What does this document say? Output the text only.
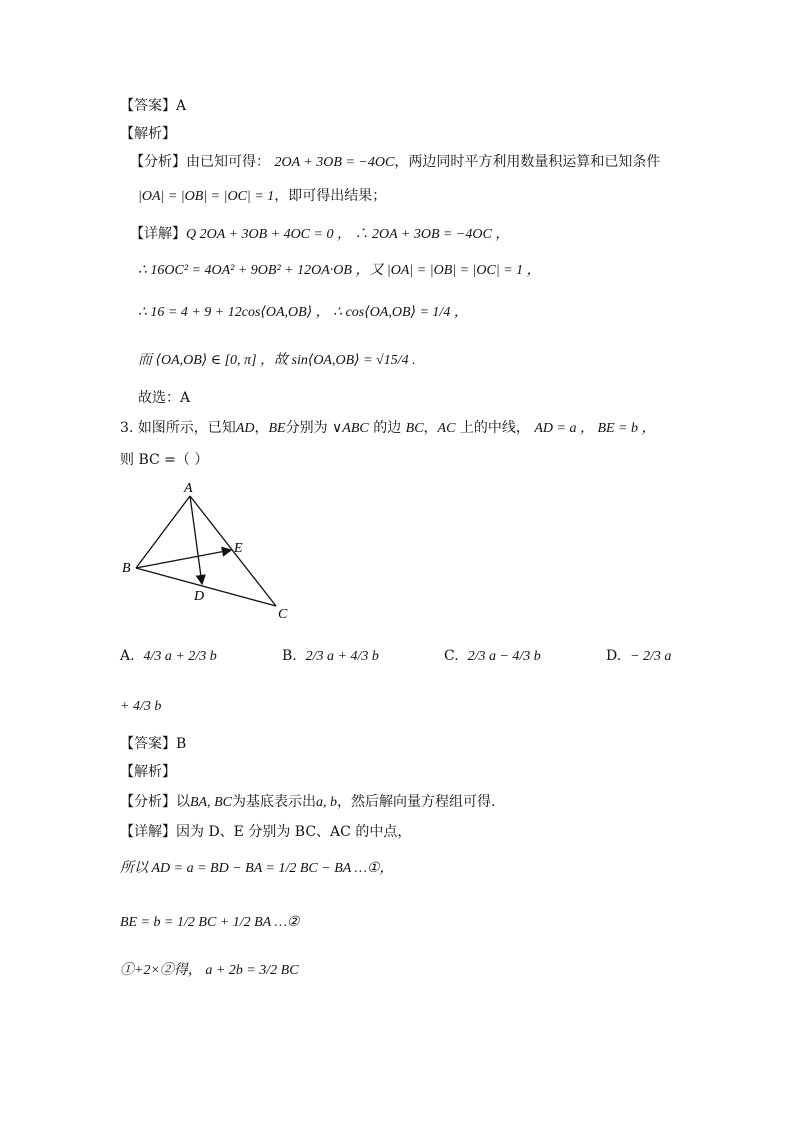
【答案】A
【解析】
【分析】由已知可得： 2OA + 3OB = −4OC，两边同时平方利用数量积运算和已知条件
|OA| = |OB| = |OC| = 1，即可得出结果；
【详解】Q 2OA + 3OB + 4OC = 0 ， ∴ 2OA + 3OB = −4OC ，
∴ 16OC² = 4OA² + 9OB² + 12OA·OB ，又 |OA| = |OB| = |OC| = 1 ，
∴ 16 = 4 + 9 + 12cos⟨OA,OB⟩ ， ∴ cos⟨OA,OB⟩ = 1/4 ，
而 ⟨OA,OB⟩ ∈ [0, π] ，故 sin⟨OA,OB⟩ = √15/4 .
故选：A
3. 如图所示，已知AD，BE分别为 ∨ABC 的边 BC，AC 上的中线， AD = a ， BE = b ，
则 BC =（ ）
A
B
C
D
E
A. 4/3 a + 2/3 b	B. 2/3 a + 4/3 b	C. 2/3 a − 4/3 b	D. − 2/3 a
+ 4/3 b
【答案】B
【解析】
【分析】以BA, BC为基底表示出a, b，然后解向量方程组可得.
【详解】因为 D、E 分别为 BC、AC 的中点，
所以 AD = a = BD − BA = 1/2 BC − BA …①，
BE = b = 1/2 BC + 1/2 BA …②
①+2×②得， a + 2b = 3/2 BC
